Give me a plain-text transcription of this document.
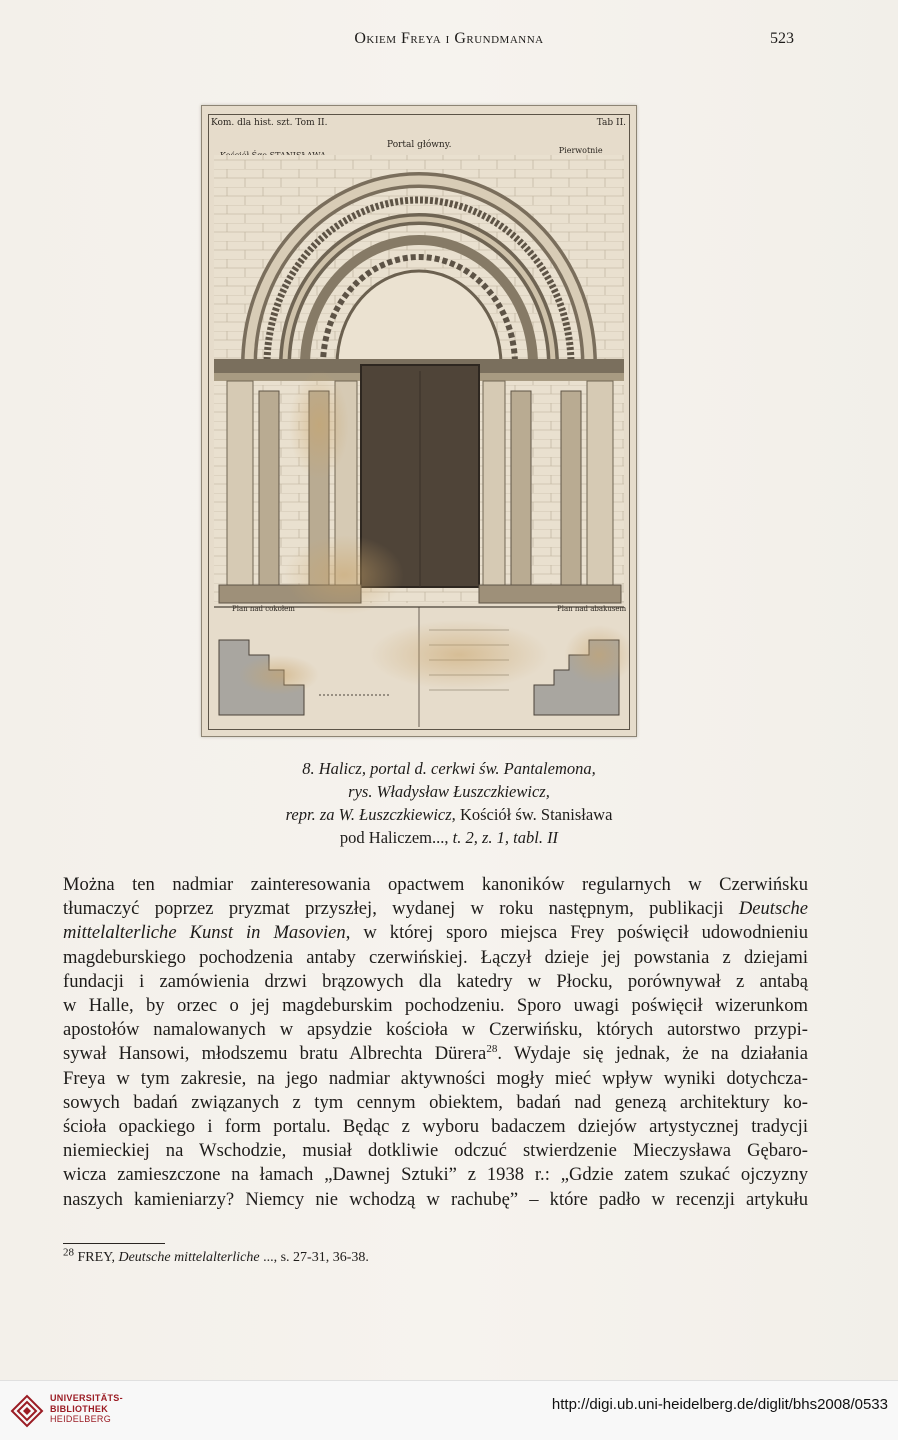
Okiem Freya i Grundmanna	523
Kom. dla hist. szt. Tom II.	Tab II.
Portal główny.
Pierwotnie
Plan nad cokołem	Plan nad abakusem
8. Halicz, portal d. cerkwi św. Pantalemona,
rys. Władysław Łuszczkiewicz,
repr. za W. Łuszczkiewicz, Kościół św. Stanisława
pod Haliczem..., t. 2, z. 1, tabl. II
Można ten nadmiar zainteresowania opactwem kanoników regularnych w Czerwińsku
tłumaczyć poprzez pryzmat przyszłej, wydanej w roku następnym, publikacji Deutsche
mittelalterliche Kunst in Masovien, w której sporo miejsca Frey poświęcił udowodnieniu
magdeburskiego pochodzenia antaby czerwińskiej. Łączył dzieje jej powstania z dziejami
fundacji i zamówienia drzwi brązowych dla katedry w Płocku, porównywał z antabą
w Halle, by orzec o jej magdeburskim pochodzeniu. Sporo uwagi poświęcił wizerunkom
apostołów namalowanych w apsydzie kościoła w Czerwińsku, których autorstwo przypi-
sywał Hansowi, młodszemu bratu Albrechta Dürera$^{28}$. Wydaje się jednak, że na działania
Freya w tym zakresie, na jego nadmiar aktywności mogły mieć wpływ wyniki dotychcza-
sowych badań związanych z tym cennym obiektem, badań nad genezą architektury ko-
ścioła opackiego i form portalu. Będąc z wyboru badaczem dziejów artystycznej tradycji
niemieckiej na Wschodzie, musiał dotkliwie odczuć stwierdzenie Mieczysława Gębaro-
wicza zamieszczone na łamach „Dawnej Sztuki” z 1938 r.: „Gdzie zatem szukać ojczyzny
naszych kamieniarzy? Niemcy nie wchodzą w rachubę” – które padło w recenzji artykułu
$^{28}$ FREY, Deutsche mittelalterliche ..., s. 27-31, 36-38.
UNIVERSITÄTS-
BIBLIOTHEK
HEIDELBERG
http://digi.ub.uni-heidelberg.de/diglit/bhs2008/0533
